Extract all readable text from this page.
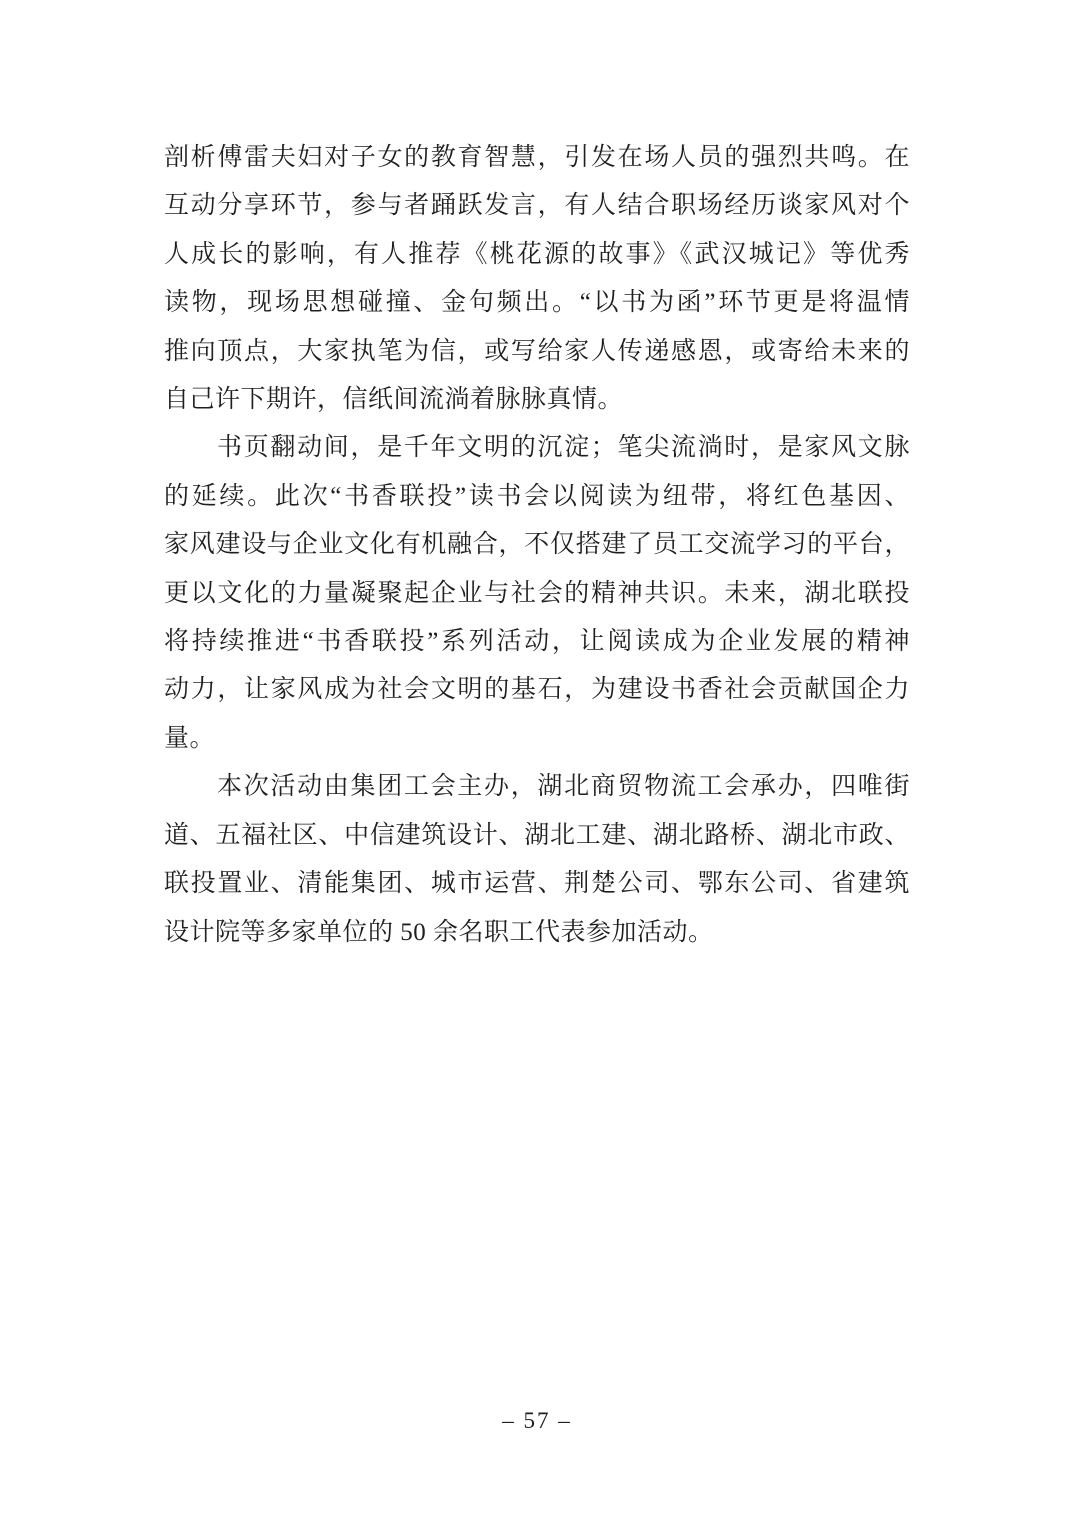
剖析傅雷夫妇对子女的教育智慧，引发在场人员的强烈共鸣。在
互动分享环节，参与者踊跃发言，有人结合职场经历谈家风对个
人成长的影响，有人推荐《桃花源的故事》《武汉城记》等优秀
读物，现场思想碰撞、金句频出。“以书为函”环节更是将温情
推向顶点，大家执笔为信，或写给家人传递感恩，或寄给未来的
自己许下期许，信纸间流淌着脉脉真情。
书页翻动间，是千年文明的沉淀；笔尖流淌时，是家风文脉
的延续。此次“书香联投”读书会以阅读为纽带，将红色基因、
家风建设与企业文化有机融合，不仅搭建了员工交流学习的平台，
更以文化的力量凝聚起企业与社会的精神共识。未来，湖北联投
将持续推进“书香联投”系列活动，让阅读成为企业发展的精神
动力，让家风成为社会文明的基石，为建设书香社会贡献国企力
量。
本次活动由集团工会主办，湖北商贸物流工会承办，四唯街
道、五福社区、中信建筑设计、湖北工建、湖北路桥、湖北市政、
联投置业、清能集团、城市运营、荆楚公司、鄂东公司、省建筑
设计院等多家单位的 50 余名职工代表参加活动。
– 57 –
